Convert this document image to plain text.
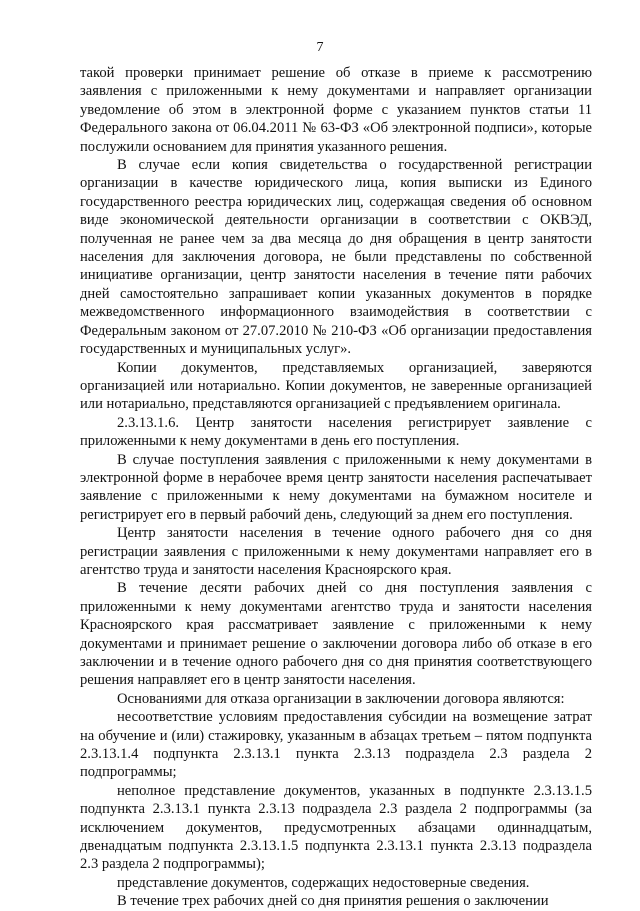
7

такой проверки принимает решение об отказе в приеме к рассмотрению заявления с приложенными к нему документами и направляет организации уведомление об этом в электронной форме с указанием пунктов статьи 11 Федерального закона от 06.04.2011 № 63-ФЗ «Об электронной подписи», которые послужили основанием для принятия указанного решения.

В случае если копия свидетельства о государственной регистрации организации в качестве юридического лица, копия выписки из Единого государственного реестра юридических лиц, содержащая сведения об основном виде экономической деятельности организации в соответствии с ОКВЭД, полученная не ранее чем за два месяца до дня обращения в центр занятости населения для заключения договора, не были представлены по собственной инициативе организации, центр занятости населения в течение пяти рабочих дней самостоятельно запрашивает копии указанных документов в порядке межведомственного информационного взаимодействия в соответствии с Федеральным законом от 27.07.2010 № 210-ФЗ «Об организации предоставления государственных и муниципальных услуг».

Копии документов, представляемых организацией, заверяются организацией или нотариально. Копии документов, не заверенные организацией или нотариально, представляются организацией с предъявлением оригинала.

2.3.13.1.6. Центр занятости населения регистрирует заявление с приложенными к нему документами в день его поступления.

В случае поступления заявления с приложенными к нему документами в электронной форме в нерабочее время центр занятости населения распечатывает заявление с приложенными к нему документами на бумажном носителе и регистрирует его в первый рабочий день, следующий за днем его поступления.

Центр занятости населения в течение одного рабочего дня со дня регистрации заявления с приложенными к нему документами направляет его в агентство труда и занятости населения Красноярского края.

В течение десяти рабочих дней со дня поступления заявления с приложенными к нему документами агентство труда и занятости населения Красноярского края рассматривает заявление с приложенными к нему документами и принимает решение о заключении договора либо об отказе в его заключении и в течение одного рабочего дня со дня принятия соответствующего решения направляет его в центр занятости населения.

Основаниями для отказа организации в заключении договора являются:

несоответствие условиям предоставления субсидии на возмещение затрат на обучение и (или) стажировку, указанным в абзацах третьем – пятом подпункта 2.3.13.1.4 подпункта 2.3.13.1 пункта 2.3.13 подраздела 2.3 раздела 2 подпрограммы;

неполное представление документов, указанных в подпункте 2.3.13.1.5 подпункта 2.3.13.1 пункта 2.3.13 подраздела 2.3 раздела 2 подпрограммы (за исключением документов, предусмотренных абзацами одиннадцатым, двенадцатым подпункта 2.3.13.1.5 подпункта 2.3.13.1 пункта 2.3.13 подраздела 2.3 раздела 2 подпрограммы);

представление документов, содержащих недостоверные сведения.

В течение трех рабочих дней со дня принятия решения о заключении
